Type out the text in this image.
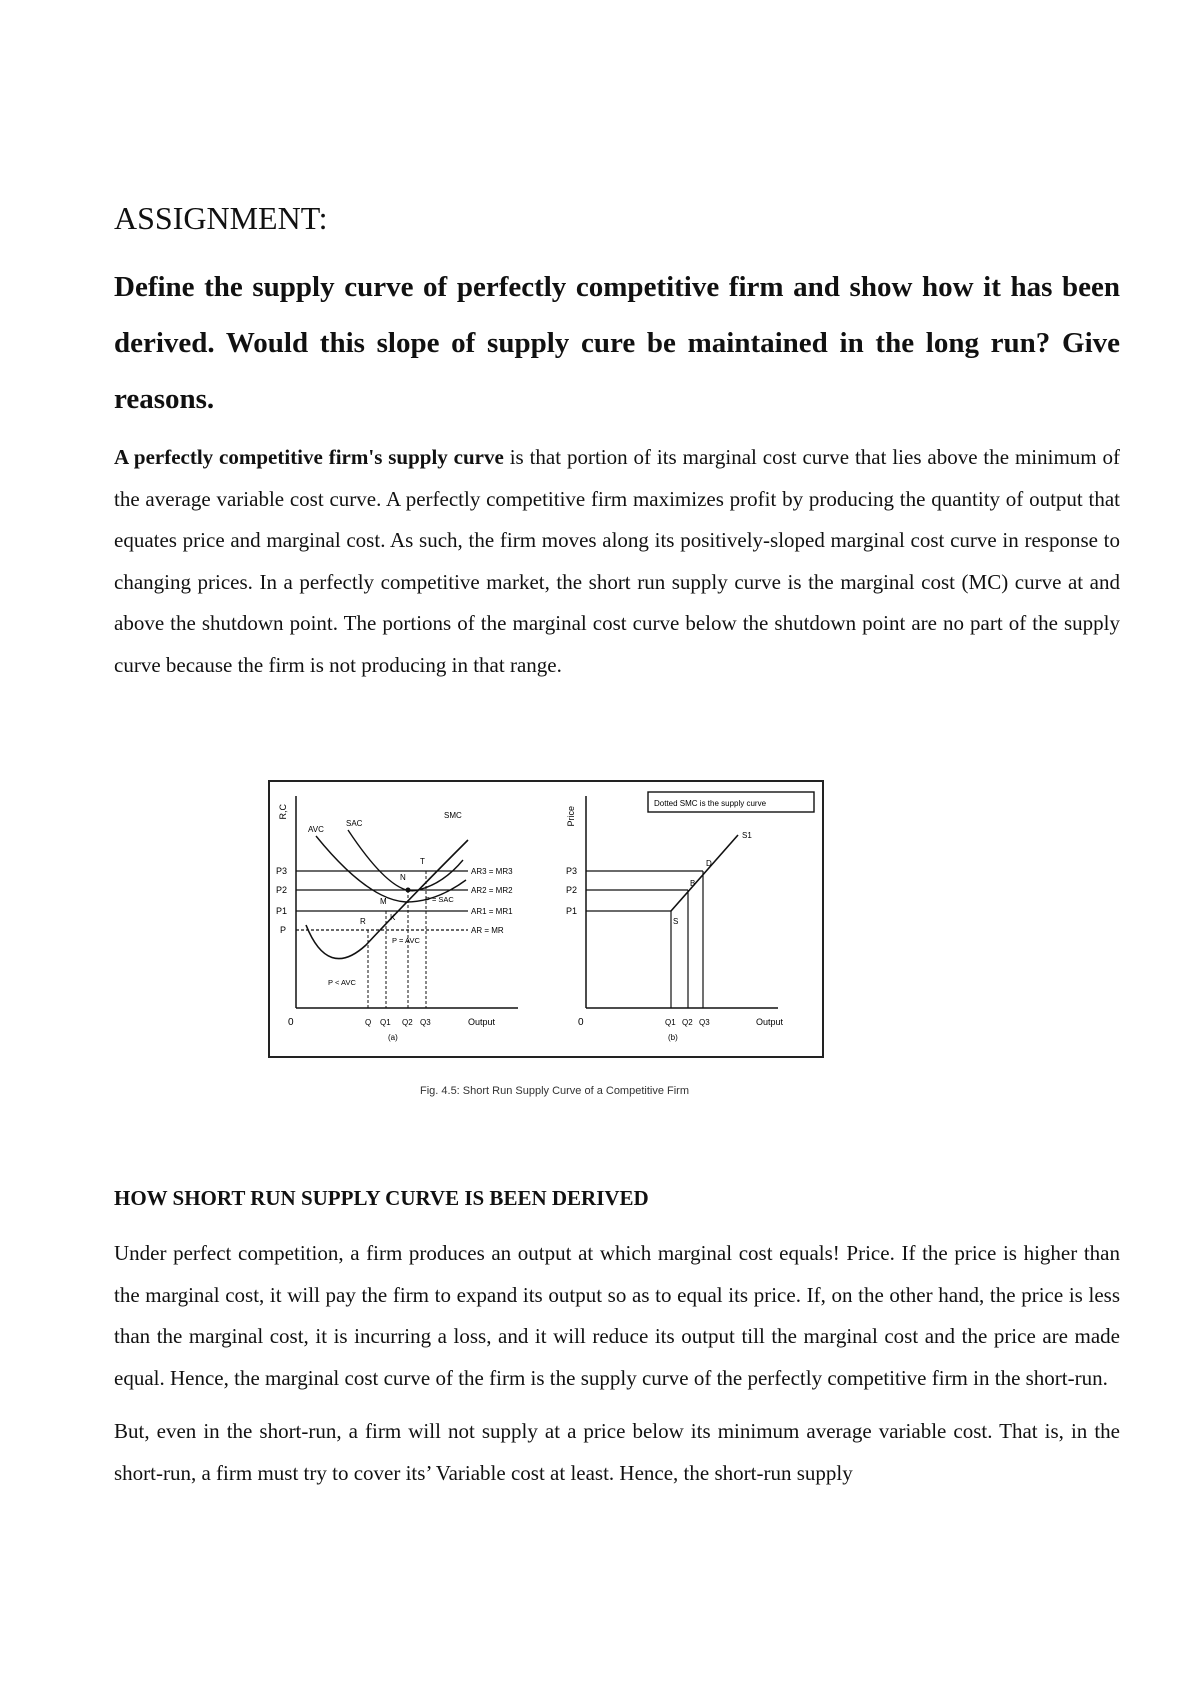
ASSIGNMENT:
Define the supply curve of perfectly competitive firm and show how it has been derived. Would this slope of supply cure be maintained in the long run? Give reasons.

A perfectly competitive firm's supply curve is that portion of its marginal cost curve that lies above the minimum of the average variable cost curve. A perfectly competitive firm maximizes profit by producing the quantity of output that equates price and marginal cost. As such, the firm moves along its positively-sloped marginal cost curve in response to changing prices. In a perfectly competitive market, the short run supply curve is the marginal cost (MC) curve at and above the shutdown point. The portions of the marginal cost curve below the shutdown point are no part of the supply curve because the firm is not producing in that range.

R,C
0	Output
(a)
P3
P2
P1
P
AR3 = MR3
AR2 = MR2
AR1 = MR1
AR = MR
AVC
SAC
SMC
T
N
M
K
R
Q Q1 Q2 Q3
P = SAC
P = AVC
P < AVC
Price
0	Output
(b)
Dotted SMC is the supply curve
P3
P2
P1
D
B
S
S1
Q1 Q2 Q3
Fig. 4.5: Short Run Supply Curve of a Competitive Firm
HOW SHORT RUN SUPPLY CURVE IS BEEN DERIVED

Under perfect competition, a firm produces an output at which marginal cost equals! Price. If the price is higher than the marginal cost, it will pay the firm to expand its output so as to equal its price. If, on the other hand, the price is less than the marginal cost, it is incurring a loss, and it will reduce its output till the marginal cost and the price are made equal. Hence, the marginal cost curve of the firm is the supply curve of the perfectly competitive firm in the short-run.

But, even in the short-run, a firm will not supply at a price below its minimum average variable cost. That is, in the short-run, a firm must try to cover its’ Variable cost at least. Hence, the short-run supply
